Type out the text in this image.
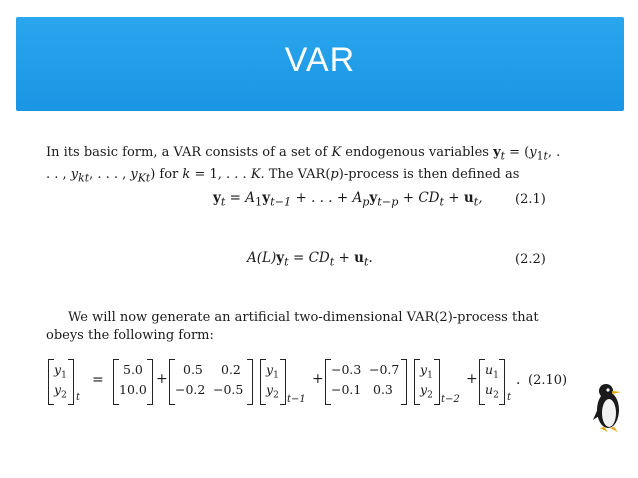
VAR
In its basic form, a VAR consists of a set of K endogenous variables $y_t = (y_{1t}$, . . . , $y_{kt}$, . . . , $y_{Kt}$) for k = 1, . . . K. The VAR(p)-process is then defined as
$y_t = A_1y_{t-1}$ + . . . + $A_py_{t-p} + CD_t + u_t$, (2.1)
$A(L)y_t = CD_t + u_t$.	(2.2)
We will now generate an artificial two-dimensional VAR(2)-process that
obeys the following form:
$y_1$
$y_2$ t
=
5.0
10.0
+
0.5 0.2
−0.2 −0.5
$y_1$
$y_2$ t−1
+
−0.3 −0.7
−0.1 0.3
$y_1$
$y_2$ t−2
+
$u_1$
$u_2$ t
. (2.10)
